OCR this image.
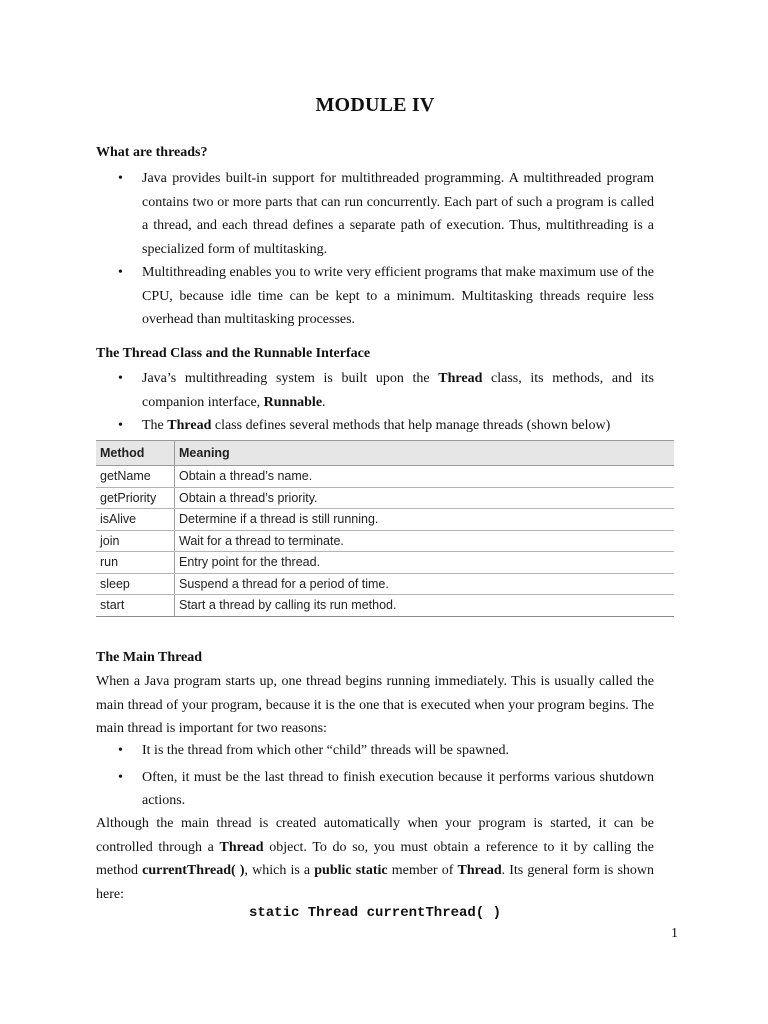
MODULE IV
What are threads?
• Java provides built-in support for multithreaded programming. A multithreaded program contains two or more parts that can run concurrently. Each part of such a program is called a thread, and each thread defines a separate path of execution. Thus, multithreading is a specialized form of multitasking.
• Multithreading enables you to write very efficient programs that make maximum use of the CPU, because idle time can be kept to a minimum. Multitasking threads require less overhead than multitasking processes.
The Thread Class and the Runnable Interface
• Java’s multithreading system is built upon the Thread class, its methods, and its companion interface, Runnable.
• The Thread class defines several methods that help manage threads (shown below)
Method	Meaning
getName	Obtain a thread’s name.
getPriority	Obtain a thread’s priority.
isAlive	Determine if a thread is still running.
join	Wait for a thread to terminate.
run	Entry point for the thread.
sleep	Suspend a thread for a period of time.
start	Start a thread by calling its run method.
The Main Thread
When a Java program starts up, one thread begins running immediately. This is usually called the main thread of your program, because it is the one that is executed when your program begins. The main thread is important for two reasons:
• It is the thread from which other “child” threads will be spawned.
• Often, it must be the last thread to finish execution because it performs various shutdown actions.
Although the main thread is created automatically when your program is started, it can be controlled through a Thread object. To do so, you must obtain a reference to it by calling the method currentThread( ), which is a public static member of Thread. Its general form is shown here:
static Thread currentThread( )
1
